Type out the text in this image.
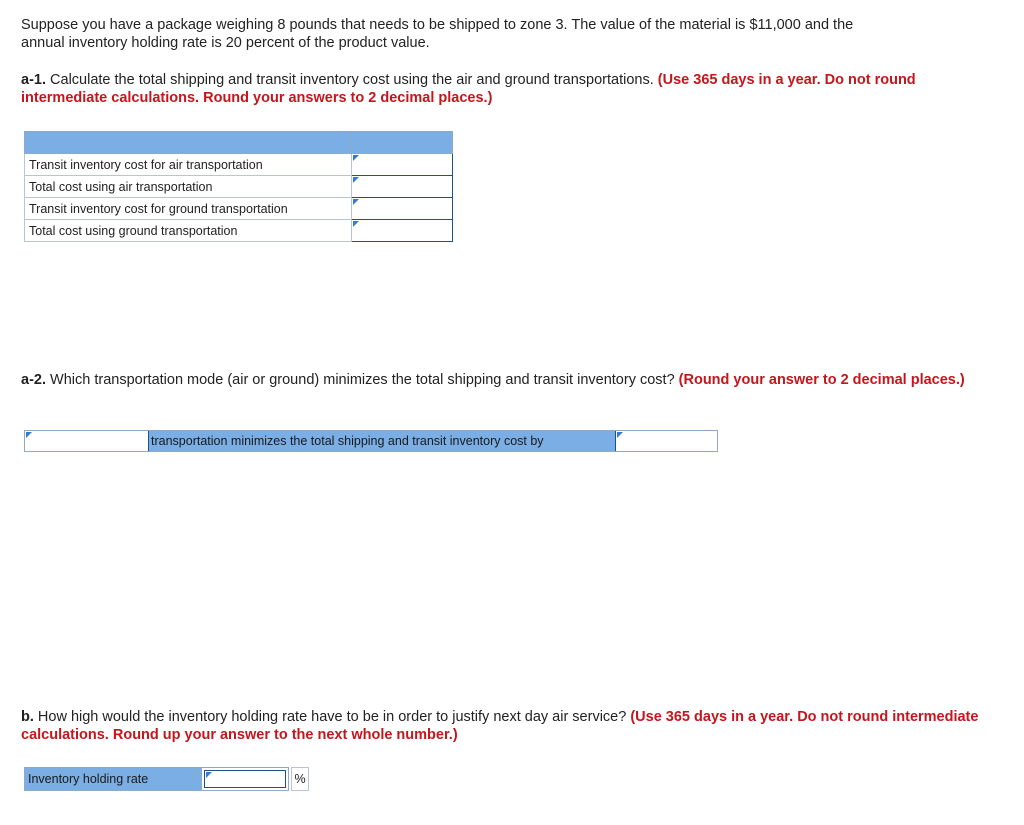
Suppose you have a package weighing 8 pounds that needs to be shipped to zone 3. The value of the material is $11,000 and the
annual inventory holding rate is 20 percent of the product value.
a-1. Calculate the total shipping and transit inventory cost using the air and ground transportations. (Use 365 days in a year. Do not round intermediate calculations. Round your answers to 2 decimal places.)

Transit inventory cost for air transportation	

Total cost using air transportation	

Transit inventory cost for ground transportation	

Total cost using ground transportation	
a-2. Which transportation mode (air or ground) minimizes the total shipping and transit inventory cost? (Round your answer to 2 decimal places.)
transportation minimizes the total shipping and transit inventory cost by
b. How high would the inventory holding rate have to be in order to justify next day air service? (Use 365 days in a year. Do not round intermediate calculations. Round up your answer to the next whole number.)
Inventory holding rate	%
